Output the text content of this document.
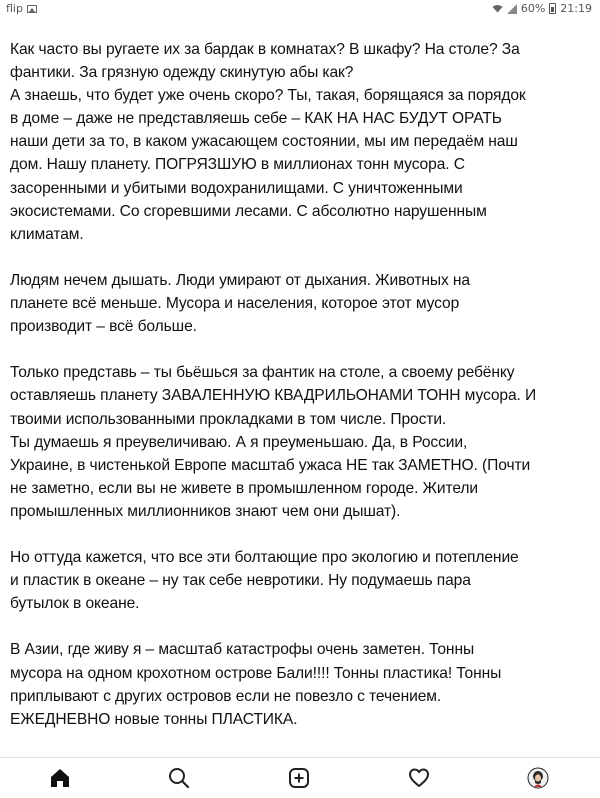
flip	60% 21:19

Как часто вы ругаете их за бардак в комнатах? В шкафу? На столе? За
фантики. За грязную одежду скинутую абы как?
А знаешь, что будет уже очень скоро? Ты, такая, борящаяся за порядок
в доме – даже не представляешь себе – КАК НА НАС БУДУТ ОРАТЬ
наши дети за то, в каком ужасающем состоянии, мы им передаём наш
дом. Нашу планету. ПОГРЯЗШУЮ в миллионах тонн мусора. С
засоренными и убитыми водохранилищами. С уничтоженными
экосистемами. Со сгоревшими лесами. С абсолютно нарушенным
климатам.

Людям нечем дышать. Люди умирают от дыхания. Животных на
планете всё меньше. Мусора и населения, которое этот мусор
производит – всё больше.

Только представь – ты бьёшься за фантик на столе, а своему ребёнку
оставляешь планету ЗАВАЛЕННУЮ КВАДРИЛЬОНАМИ ТОНН мусора. И
твоими использованными прокладками в том числе. Прости.
Ты думаешь я преувеличиваю. А я преуменьшаю. Да, в России,
Украине, в чистенькой Европе масштаб ужаса НЕ так ЗАМЕТНО. (Почти
не заметно, если вы не живете в промышленном городе. Жители
промышленных миллионников знают чем они дышат).

Но оттуда кажется, что все эти болтающие про экологию и потепление
и пластик в океане – ну так себе невротики. Ну подумаешь пара
бутылок в океане.

В Азии, где живу я – масштаб катастрофы очень заметен. Тонны
мусора на одном крохотном острове Бали!!!! Тонны пластика! Тонны
приплывают с других островов если не повезло с течением.
ЕЖЕДНЕВНО новые тонны ПЛАСТИКА.
